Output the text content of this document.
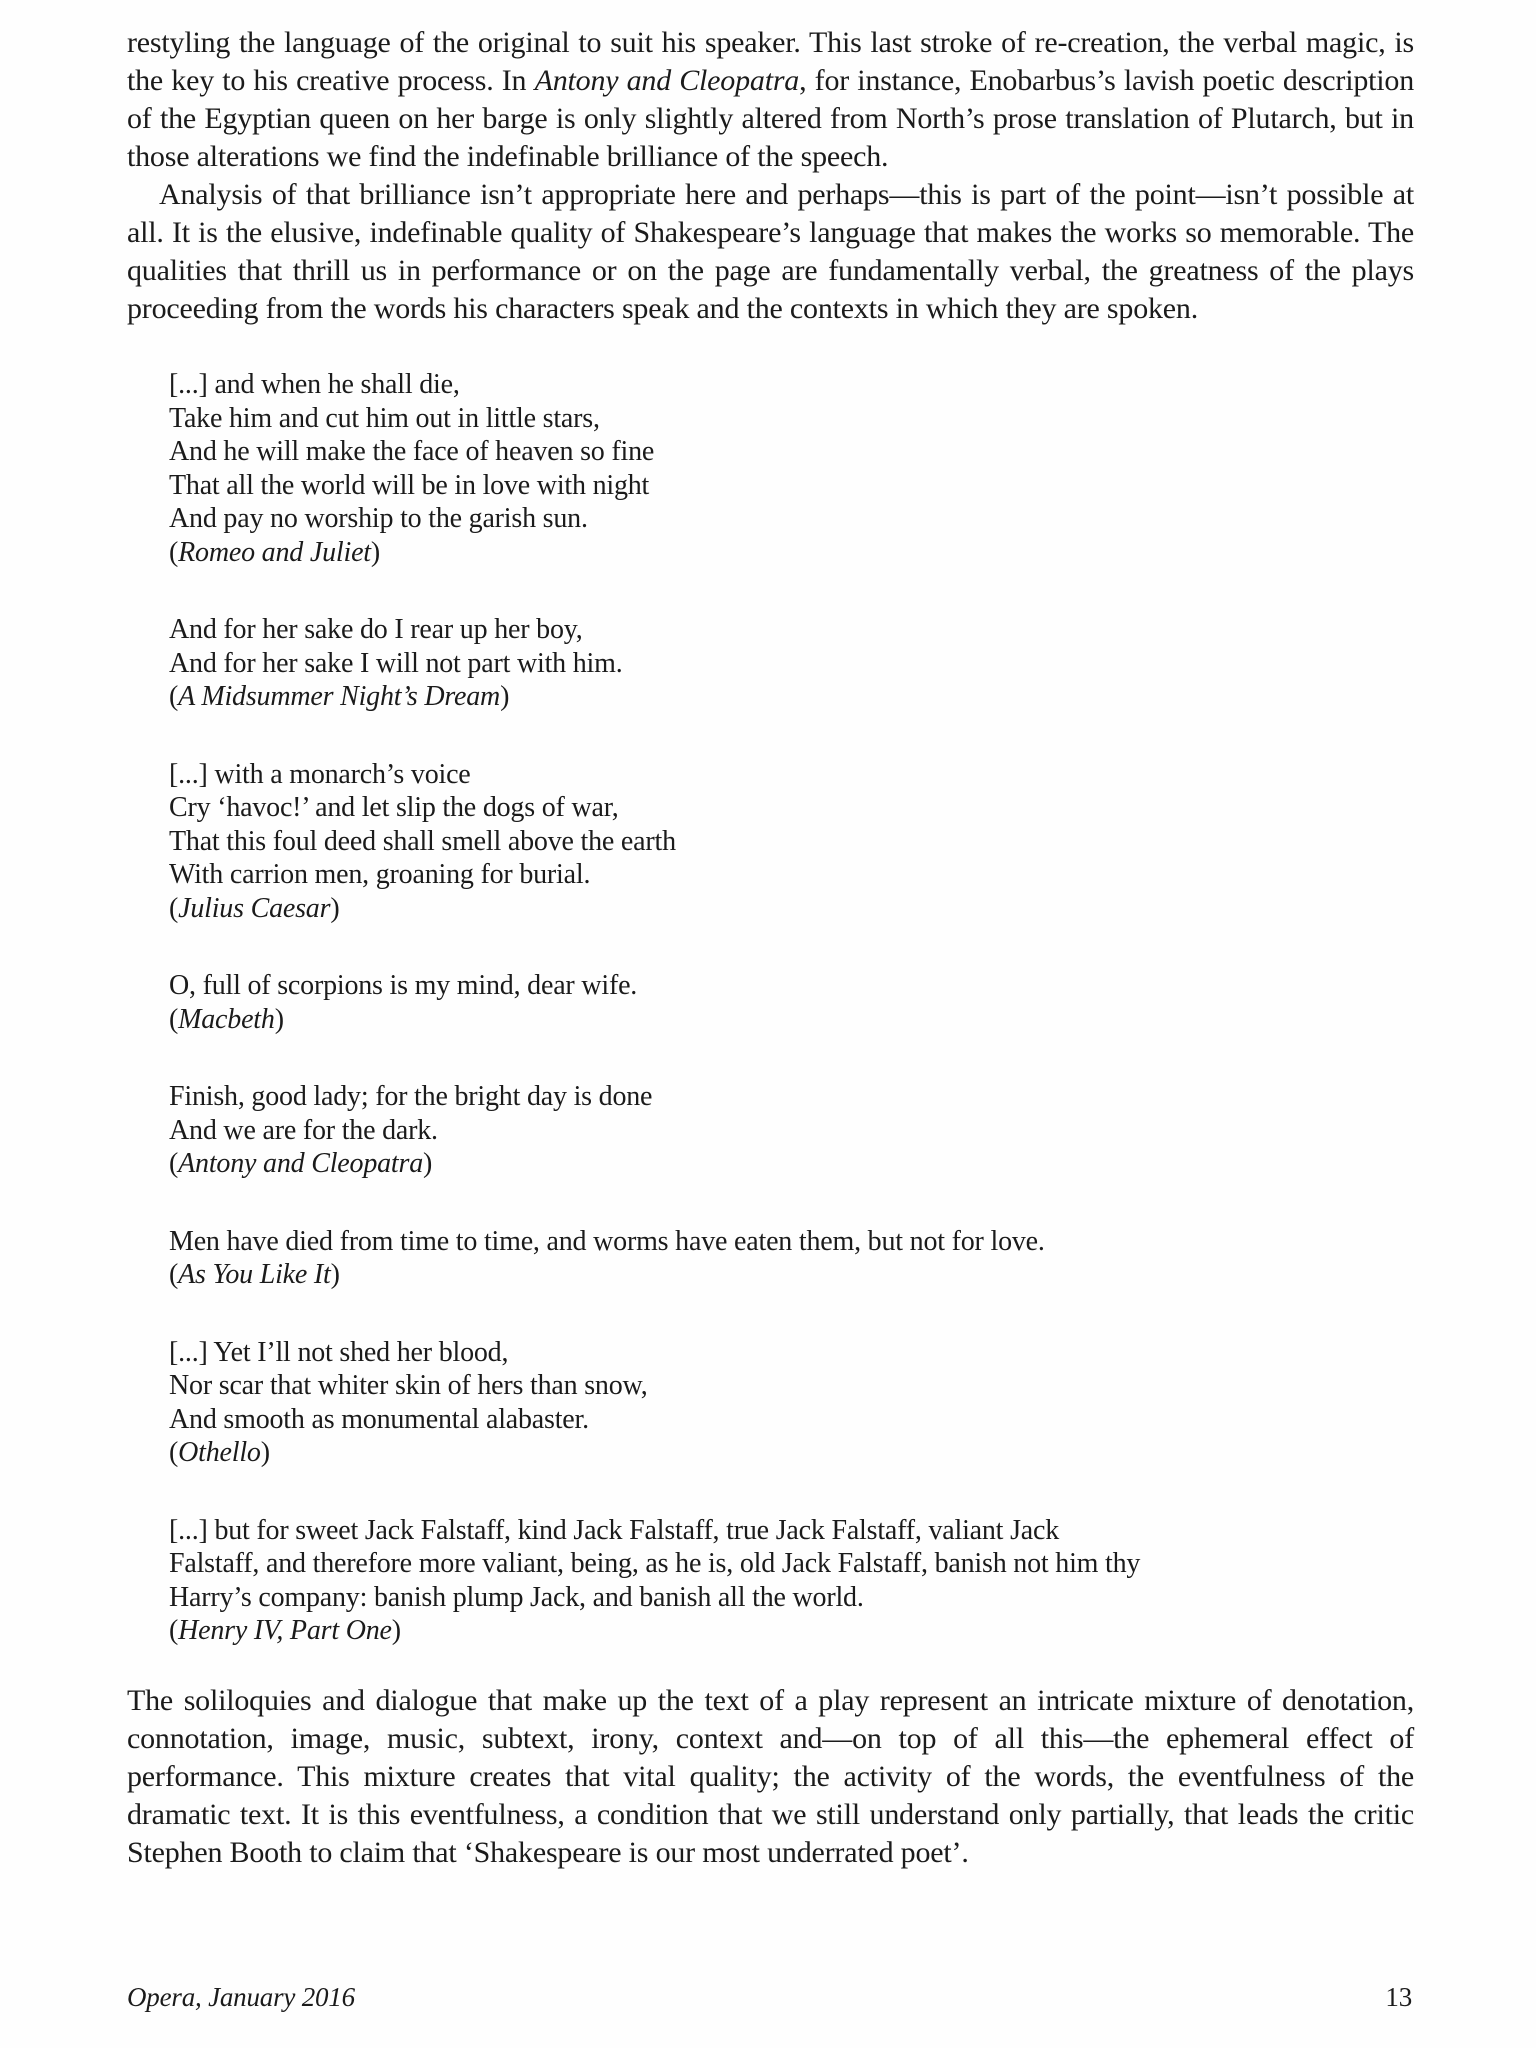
restyling the language of the original to suit his speaker. This last stroke of re-creation, the verbal magic, is the key to his creative process. In Antony and Cleopatra, for instance, Enobarbus’s lavish poetic description of the Egyptian queen on her barge is only slightly altered from North’s prose translation of Plutarch, but in those alterations we find the indefinable brilliance of the speech.

Analysis of that brilliance isn’t appropriate here and perhaps—this is part of the point—isn’t possible at all. It is the elusive, indefinable quality of Shakespeare’s language that makes the works so memorable. The qualities that thrill us in performance or on the page are fundamentally verbal, the greatness of the plays proceeding from the words his characters speak and the contexts in which they are spoken.

[...] and when he shall die,
Take him and cut him out in little stars,
And he will make the face of heaven so fine
That all the world will be in love with night
And pay no worship to the garish sun.
(Romeo and Juliet)
And for her sake do I rear up her boy,
And for her sake I will not part with him.
(A Midsummer Night’s Dream)
[...] with a monarch’s voice
Cry ‘havoc!’ and let slip the dogs of war,
That this foul deed shall smell above the earth
With carrion men, groaning for burial.
(Julius Caesar)
O, full of scorpions is my mind, dear wife.
(Macbeth)
Finish, good lady; for the bright day is done
And we are for the dark.
(Antony and Cleopatra)
Men have died from time to time, and worms have eaten them, but not for love.
(As You Like It)
[...] Yet I’ll not shed her blood,
Nor scar that whiter skin of hers than snow,
And smooth as monumental alabaster.
(Othello)
[...] but for sweet Jack Falstaff, kind Jack Falstaff, true Jack Falstaff, valiant Jack
Falstaff, and therefore more valiant, being, as he is, old Jack Falstaff, banish not him thy
Harry’s company: banish plump Jack, and banish all the world.
(Henry IV, Part One)

The soliloquies and dialogue that make up the text of a play represent an intricate mixture of denotation, connotation, image, music, subtext, irony, context and—on top of all this—the ephemeral effect of performance. This mixture creates that vital quality; the activity of the words, the eventfulness of the dramatic text. It is this eventfulness, a condition that we still understand only partially, that leads the critic Stephen Booth to claim that ‘Shakespeare is our most underrated poet’.

Opera, January 2016	13
